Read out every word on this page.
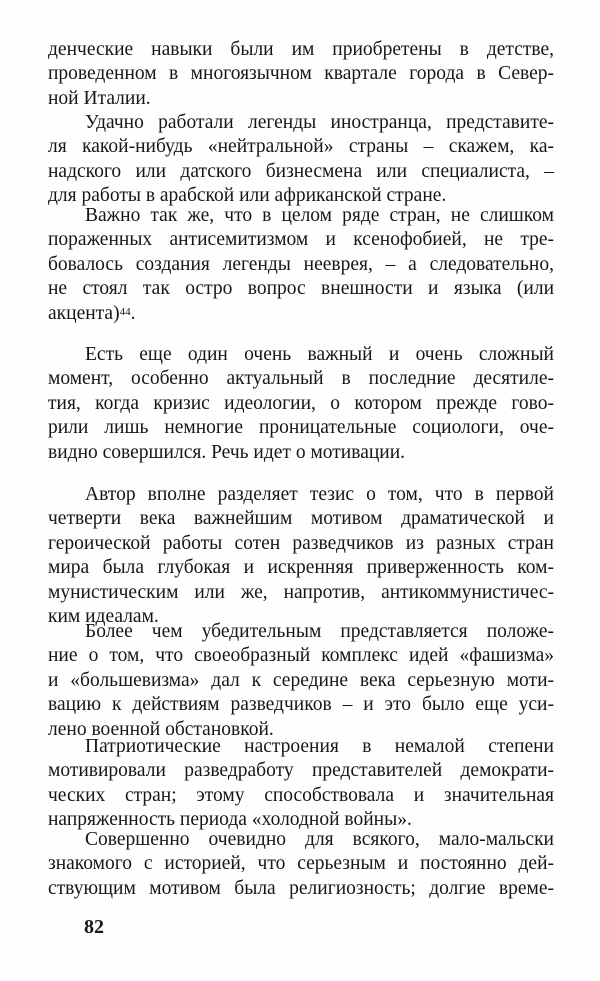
денческие навыки были им приобретены в детстве,
проведенном в многоязычном квартале города в Север-
ной Италии.
Удачно работали легенды иностранца, представите-
ля какой-нибудь «нейтральной» страны – скажем, ка-
надского или датского бизнесмена или специалиста, –
для работы в арабской или африканской стране.
Важно так же, что в целом ряде стран, не слишком
пораженных антисемитизмом и ксенофобией, не тре-
бовалось создания легенды нееврея, – а следовательно,
не стоял так остро вопрос внешности и языка (или
акцента)$^{44}$.
Есть еще один очень важный и очень сложный
момент, особенно актуальный в последние десятиле-
тия, когда кризис идеологии, о котором прежде гово-
рили лишь немногие проницательные социологи, оче-
видно совершился. Речь идет о мотивации.
Автор вполне разделяет тезис о том, что в первой
четверти века важнейшим мотивом драматической и
героической работы сотен разведчиков из разных стран
мира была глубокая и искренняя приверженность ком-
мунистическим или же, напротив, антикоммунистичес-
ким идеалам.
Более чем убедительным представляется положе-
ние о том, что своеобразный комплекс идей «фашизма»
и «большевизма» дал к середине века серьезную моти-
вацию к действиям разведчиков – и это было еще уси-
лено военной обстановкой.
Патриотические настроения в немалой степени
мотивировали разведработу представителей демократи-
ческих стран; этому способствовала и значительная
напряженность периода «холодной войны».
Совершенно очевидно для всякого, мало-мальски
знакомого с историей, что серьезным и постоянно дей-
ствующим мотивом была религиозность; долгие време-
82
